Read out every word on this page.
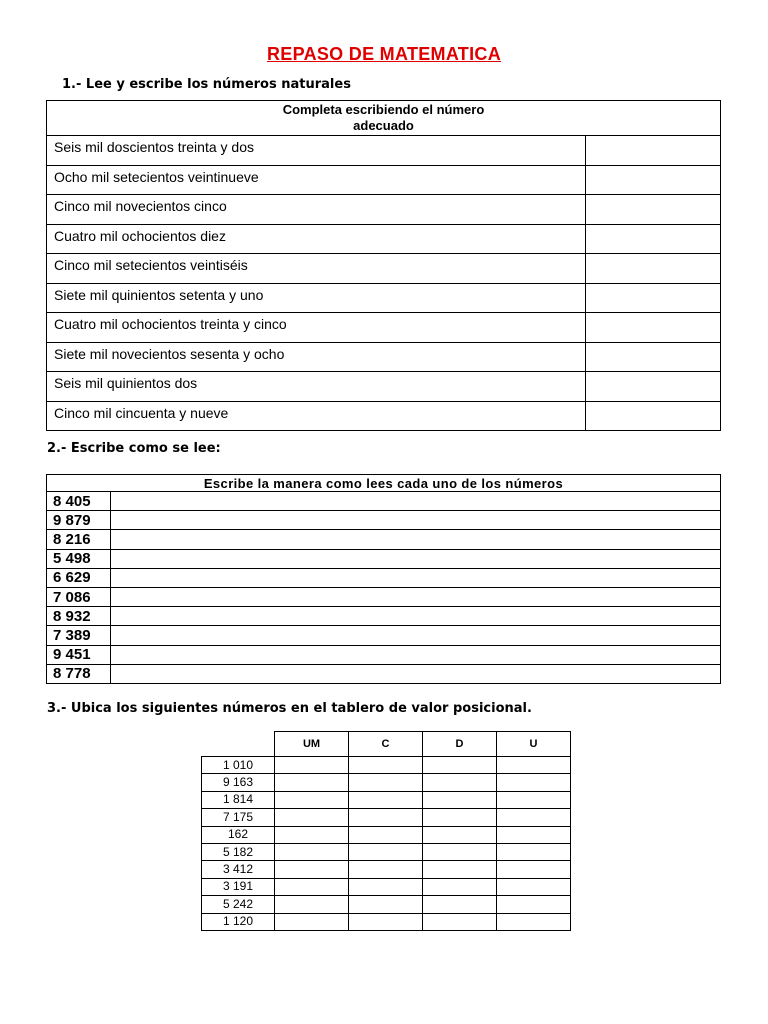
REPASO DE MATEMATICA
1.- Lee y escribe los números naturales
Completa escribiendo el número
adecuado	
Seis mil doscientos treinta y dos	
Ocho mil setecientos veintinueve	
Cinco mil novecientos cinco	
Cuatro mil ochocientos diez	
Cinco mil setecientos veintiséis	
Siete mil quinientos setenta y uno	
Cuatro mil ochocientos treinta y cinco	
Siete mil novecientos sesenta y ocho	
Seis mil quinientos dos	
Cinco mil cincuenta y nueve	
2.- Escribe como se lee:
Escribe la manera como lees cada uno de los números	
8 405	
9 879	
8 216	
5 498	
6 629	
7 086	
8 932	
7 389	
9 451	
8 778	
3.- Ubica los siguientes números en el tablero de valor posicional.
	UM	C	D	U
1 010				
9 163				
1 814				
7 175				
162				
5 182				
3 412				
3 191				
5 242				
1 120				
